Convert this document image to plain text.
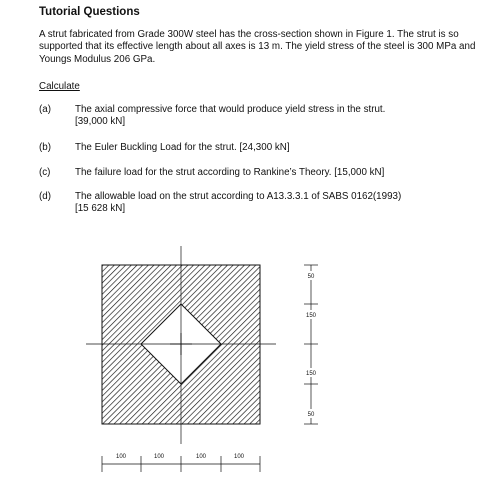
Tutorial Questions
A strut fabricated from Grade 300W steel has the cross-section shown in Figure 1. The strut is so supported that its effective length about all axes is 13 m. The yield stress of the steel is 300 MPa and Youngs Modulus 206 GPa.
Calculate
(a) The axial compressive force that would produce yield stress in the strut.
[39,000 kN]
(b) The Euler Buckling Load for the strut. [24,300 kN]
(c)	The failure load for the strut according to Rankine’s Theory. [15,000 kN]
(d) The allowable load on the strut according to A13.3.3.1 of SABS 0162(1993)
[15 628 kN]
50
150
150
50
100	100	100	100
